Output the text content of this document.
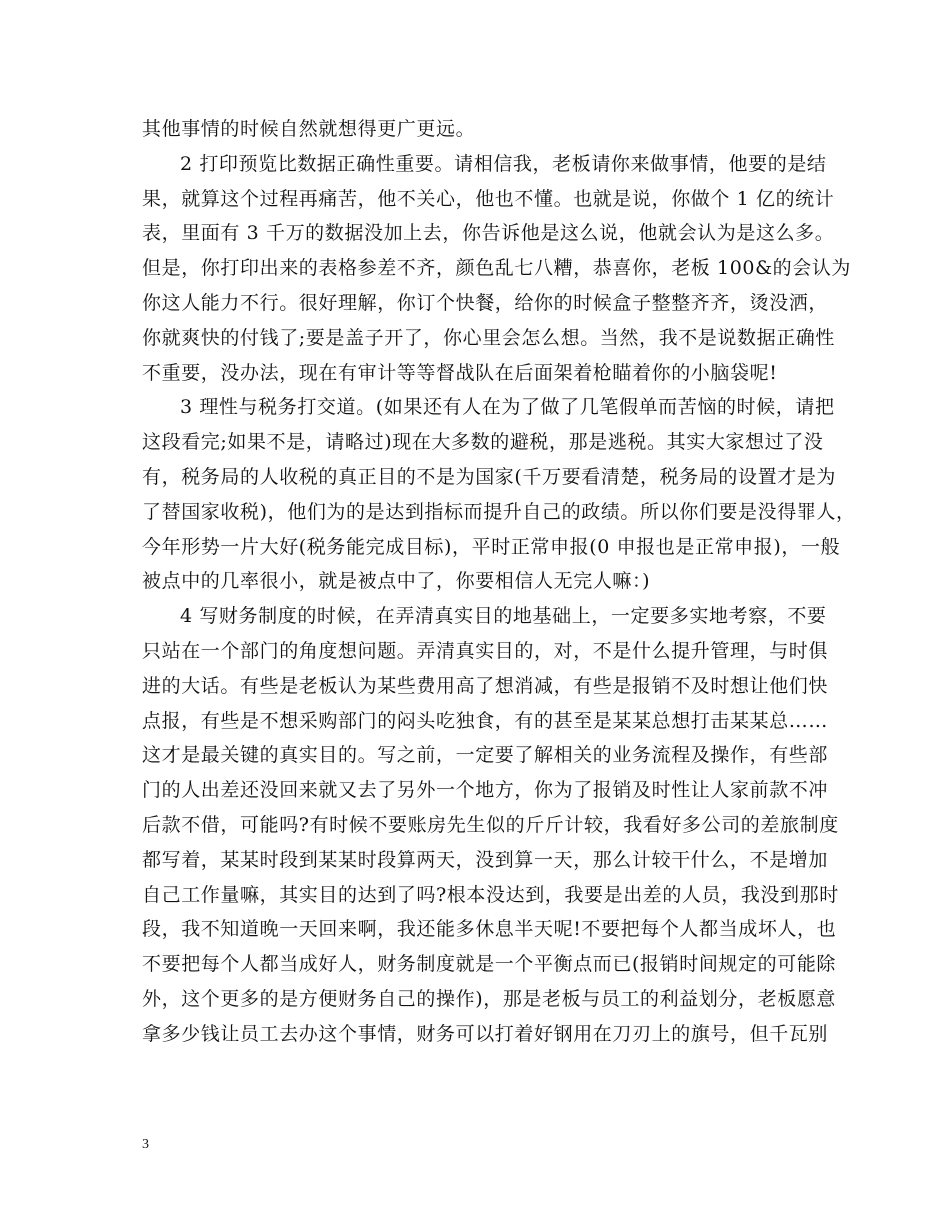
其他事情的时候自然就想得更广更远。
2 打印预览比数据正确性重要。请相信我，老板请你来做事情，他要的是结
果，就算这个过程再痛苦，他不关心，他也不懂。也就是说，你做个 1 亿的统计
表，里面有 3 千万的数据没加上去，你告诉他是这么说，他就会认为是这么多。
但是，你打印出来的表格参差不齐，颜色乱七八糟，恭喜你，老板 100&的会认为
你这人能力不行。很好理解，你订个快餐，给你的时候盒子整整齐齐，烫没洒，
你就爽快的付钱了;要是盖子开了，你心里会怎么想。当然，我不是说数据正确性
不重要，没办法，现在有审计等等督战队在后面架着枪瞄着你的小脑袋呢!
3 理性与税务打交道。(如果还有人在为了做了几笔假单而苦恼的时候，请把
这段看完;如果不是，请略过)现在大多数的避税，那是逃税。其实大家想过了没
有，税务局的人收税的真正目的不是为国家(千万要看清楚，税务局的设置才是为
了替国家收税)，他们为的是达到指标而提升自己的政绩。所以你们要是没得罪人，
今年形势一片大好(税务能完成目标)，平时正常申报(0 申报也是正常申报)，一般
被点中的几率很小，就是被点中了，你要相信人无完人嘛：)
4 写财务制度的时候，在弄清真实目的地基础上，一定要多实地考察，不要
只站在一个部门的角度想问题。弄清真实目的，对，不是什么提升管理，与时俱
进的大话。有些是老板认为某些费用高了想消减，有些是报销不及时想让他们快
点报，有些是不想采购部门的闷头吃独食，有的甚至是某某总想打击某某总……
这才是最关键的真实目的。写之前，一定要了解相关的业务流程及操作，有些部
门的人出差还没回来就又去了另外一个地方，你为了报销及时性让人家前款不冲
后款不借，可能吗?有时候不要账房先生似的斤斤计较，我看好多公司的差旅制度
都写着，某某时段到某某时段算两天，没到算一天，那么计较干什么，不是增加
自己工作量嘛，其实目的达到了吗?根本没达到，我要是出差的人员，我没到那时
段，我不知道晚一天回来啊，我还能多休息半天呢!不要把每个人都当成坏人，也
不要把每个人都当成好人，财务制度就是一个平衡点而已(报销时间规定的可能除
外，这个更多的是方便财务自己的操作)，那是老板与员工的利益划分，老板愿意
拿多少钱让员工去办这个事情，财务可以打着好钢用在刀刃上的旗号，但千瓦别
3
